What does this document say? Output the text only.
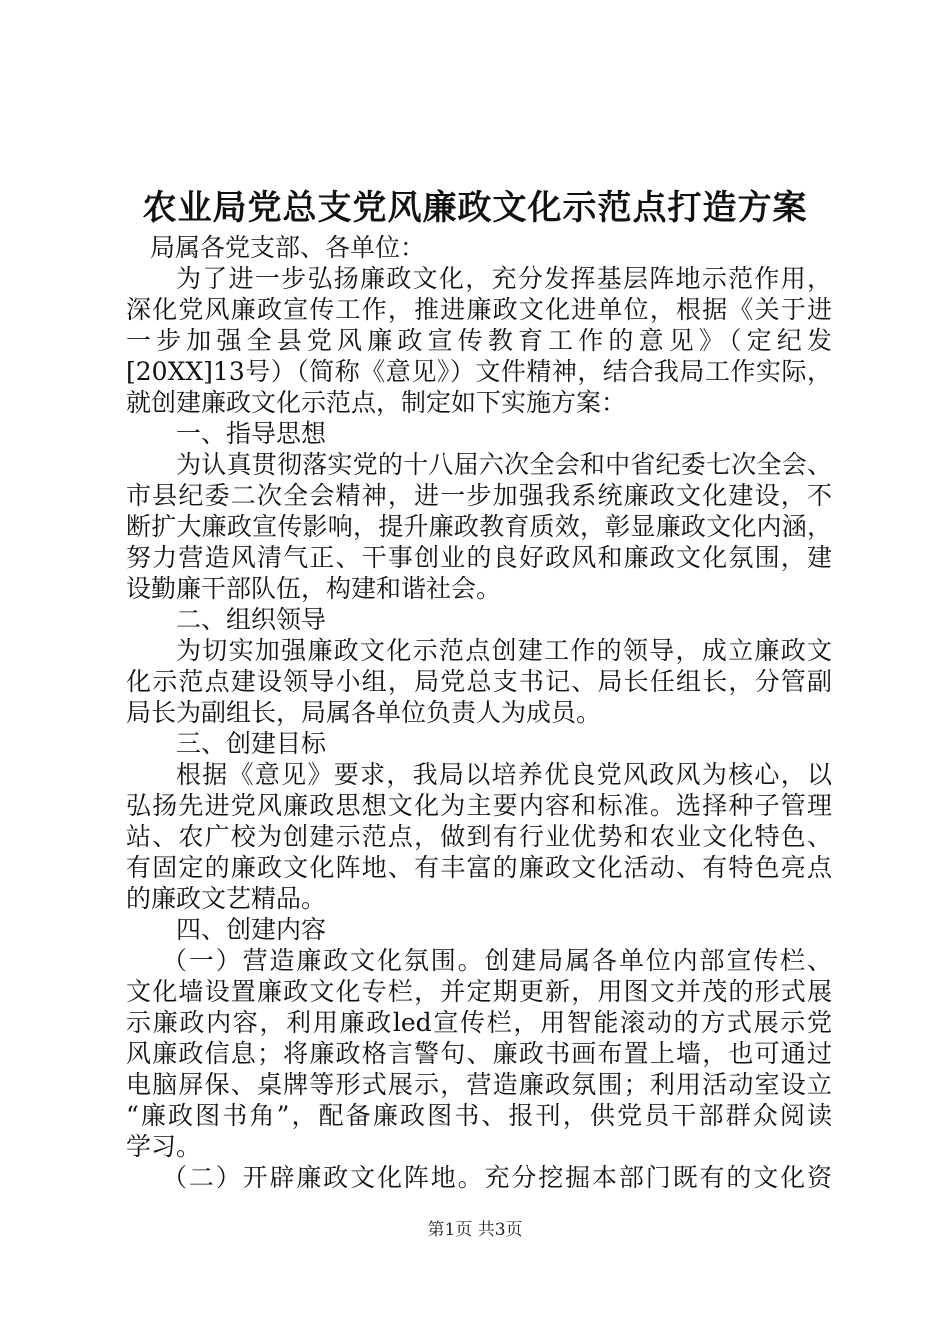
农业局党总支党风廉政文化示范点打造方案
局属各党支部、各单位：
为了进一步弘扬廉政文化，充分发挥基层阵地示范作用，
深化党风廉政宣传工作，推进廉政文化进单位，根据《关于进
一步加强全县党风廉政宣传教育工作的意见》（定纪发
[20XX]13号）（简称《意见》）文件精神，结合我局工作实际，
就创建廉政文化示范点，制定如下实施方案：
一、指导思想
为认真贯彻落实党的十八届六次全会和中省纪委七次全会、
市县纪委二次全会精神，进一步加强我系统廉政文化建设，不
断扩大廉政宣传影响，提升廉政教育质效，彰显廉政文化内涵，
努力营造风清气正、干事创业的良好政风和廉政文化氛围，建
设勤廉干部队伍，构建和谐社会。
二、组织领导
为切实加强廉政文化示范点创建工作的领导，成立廉政文
化示范点建设领导小组，局党总支书记、局长任组长，分管副
局长为副组长，局属各单位负责人为成员。
三、创建目标
根据《意见》要求，我局以培养优良党风政风为核心，以
弘扬先进党风廉政思想文化为主要内容和标准。选择种子管理
站、农广校为创建示范点，做到有行业优势和农业文化特色、
有固定的廉政文化阵地、有丰富的廉政文化活动、有特色亮点
的廉政文艺精品。
四、创建内容
（一）营造廉政文化氛围。创建局属各单位内部宣传栏、
文化墙设置廉政文化专栏，并定期更新，用图文并茂的形式展
示廉政内容，利用廉政led宣传栏，用智能滚动的方式展示党
风廉政信息；将廉政格言警句、廉政书画布置上墙，也可通过
电脑屏保、桌牌等形式展示，营造廉政氛围；利用活动室设立
“廉政图书角”，配备廉政图书、报刊，供党员干部群众阅读
学习。
（二）开辟廉政文化阵地。充分挖掘本部门既有的文化资
第1页 共3页
